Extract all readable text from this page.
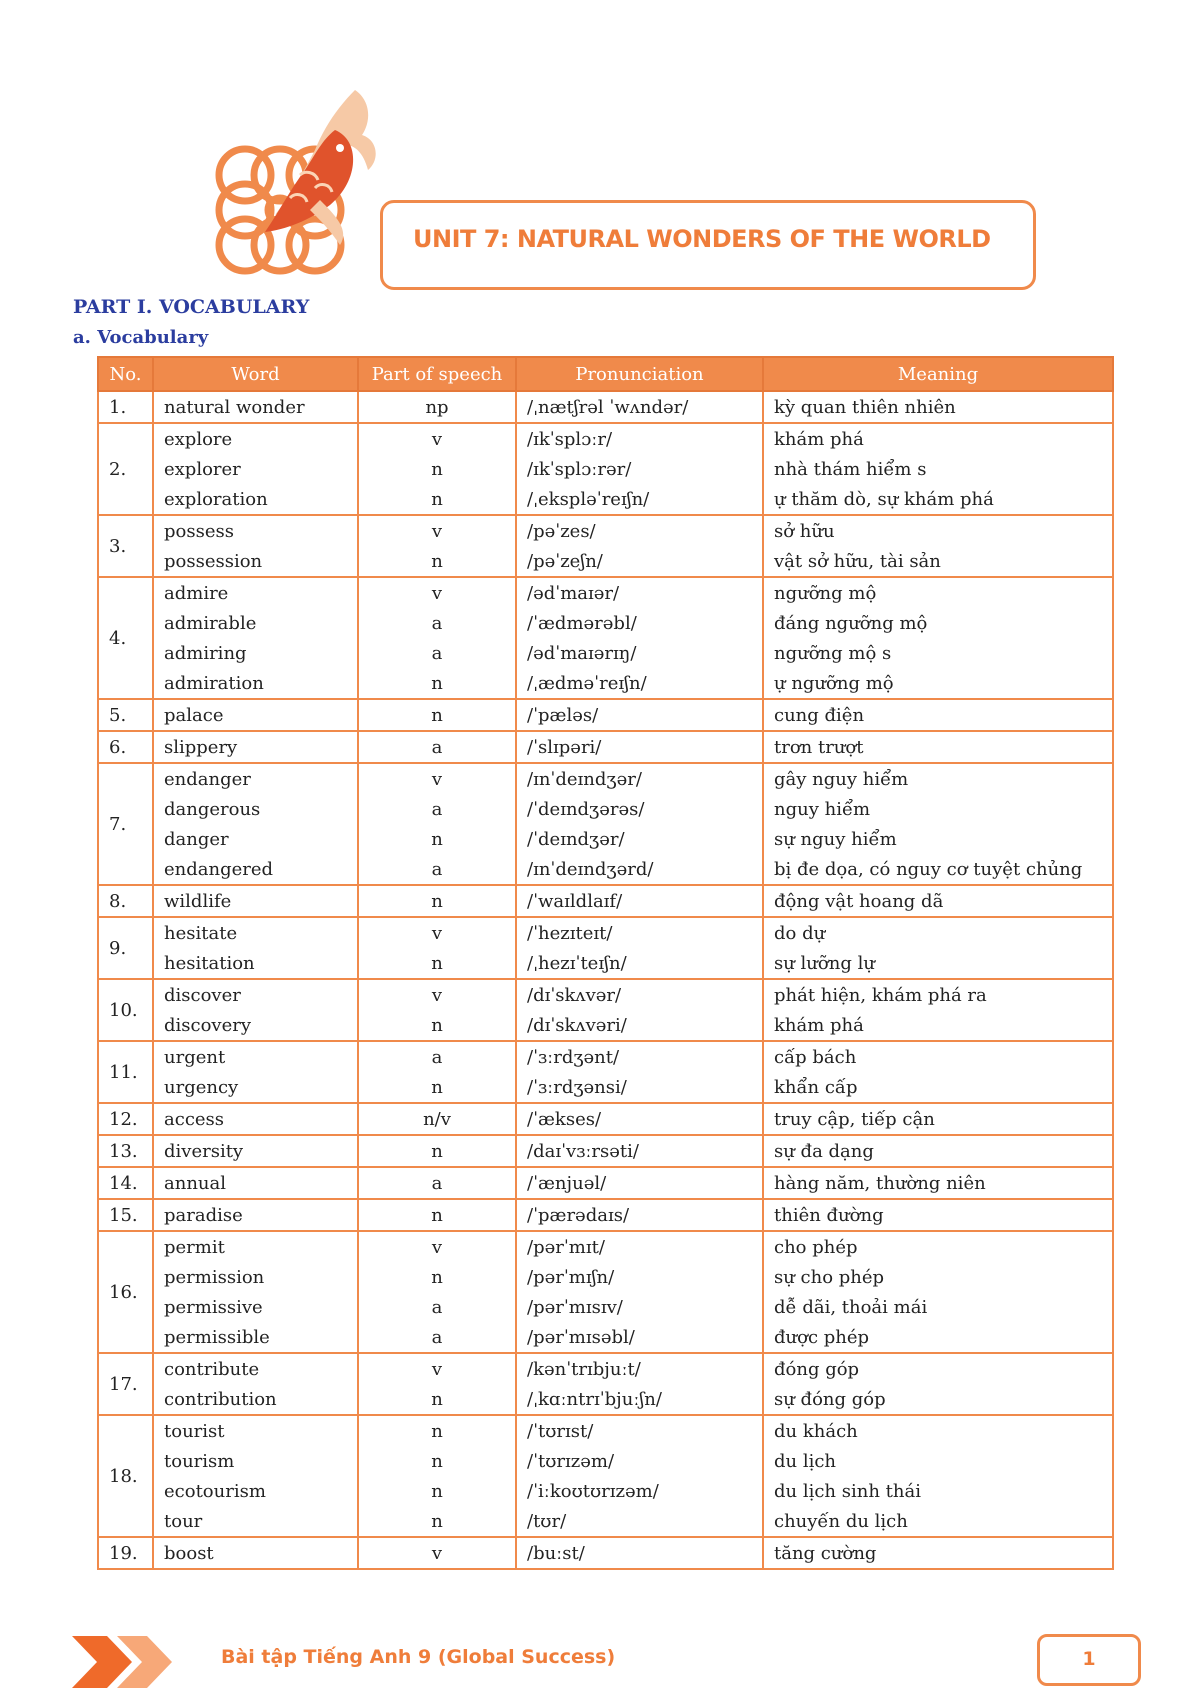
UNIT 7: NATURAL WONDERS OF THE WORLD
PART I. VOCABULARY
a. Vocabulary
No.	Word	Part of speech	Pronunciation	Meaning
1.	natural wonder	np	/ˌnætʃrəl ˈwʌndər/	kỳ quan thiên nhiên
2.	explore	v	/ɪkˈsplɔːr/	khám phá
	explorer	n	/ɪkˈsplɔːrər/	nhà thám hiểm s
	exploration	n	/ˌekspləˈreɪʃn/	ự thăm dò, sự khám phá
3.	possess	v	/pəˈzes/	sở hữu
	possession	n	/pəˈzeʃn/	vật sở hữu, tài sản
4.	admire	v	/ədˈmaɪər/	ngưỡng mộ
	admirable	a	/ˈædmərəbl/	đáng ngưỡng mộ
	admiring	a	/ədˈmaɪərɪŋ/	ngưỡng mộ s
	admiration	n	/ˌædməˈreɪʃn/	ự ngưỡng mộ
5.	palace	n	/ˈpæləs/	cung điện
6.	slippery	a	/ˈslɪpəri/	trơn trượt
7.	endanger	v	/ɪnˈdeɪndʒər/	gây nguy hiểm
	dangerous	a	/ˈdeɪndʒərəs/	nguy hiểm
	danger	n	/ˈdeɪndʒər/	sự nguy hiểm
	endangered	a	/ɪnˈdeɪndʒərd/	bị đe dọa, có nguy cơ tuyệt chủng
8.	wildlife	n	/ˈwaɪldlaɪf/	động vật hoang dã
9.	hesitate	v	/ˈhezɪteɪt/	do dự
	hesitation	n	/ˌhezɪˈteɪʃn/	sự lưỡng lự
10.	discover	v	/dɪˈskʌvər/	phát hiện, khám phá ra
	discovery	n	/dɪˈskʌvəri/	khám phá
11.	urgent	a	/ˈɜːrdʒənt/	cấp bách
	urgency	n	/ˈɜːrdʒənsi/	khẩn cấp
12.	access	n/v	/ˈækses/	truy cập, tiếp cận
13.	diversity	n	/daɪˈvɜːrsəti/	sự đa dạng
14.	annual	a	/ˈænjuəl/	hàng năm, thường niên
15.	paradise	n	/ˈpærədaɪs/	thiên đường
16.	permit	v	/pərˈmɪt/	cho phép
	permission	n	/pərˈmɪʃn/	sự cho phép
	permissive	a	/pərˈmɪsɪv/	dễ dãi, thoải mái
	permissible	a	/pərˈmɪsəbl/	được phép
17.	contribute	v	/kənˈtrɪbjuːt/	đóng góp
	contribution	n	/ˌkɑːntrɪˈbjuːʃn/	sự đóng góp
18.	tourist	n	/ˈtʊrɪst/	du khách
	tourism	n	/ˈtʊrɪzəm/	du lịch
	ecotourism	n	/ˈiːkoʊtʊrɪzəm/	du lịch sinh thái
	tour	n	/tʊr/	chuyến du lịch
19.	boost	v	/buːst/	tăng cường
Bài tập Tiếng Anh 9 (Global Success)	1
